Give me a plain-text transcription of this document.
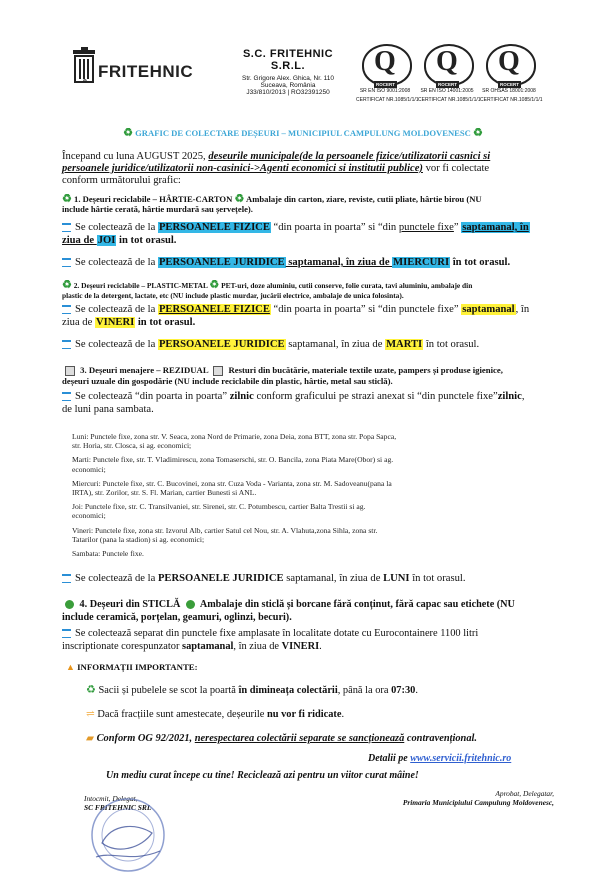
e
FRITEHNIC
S.C. FRITEHNIC S.R.L.
Str. Grigore Alex. Ghica, Nr. 110
Suceava, România
J33/810/2013 | RO32391250
Q
ROCERT
SR EN ISO 9001:2008
CERTIFICAT NR.1085/1/1/1
Q
ROCERT
SR EN ISO 14001:2005
CERTIFICAT NR.1085/1/1/1
Q
ROCERT
SR OHSAS 18001:2008
CERTIFICAT NR.1085/1/1/1
♻ GRAFIC DE COLECTARE DEȘEURI – MUNICIPIUL CAMPULUNG MOLDOVENESC ♻
Începand cu luna AUGUST 2025, deseurile municipale(de la persoanele fizice/utilizatorii casnici si
persoanele juridice/utilizatorii non-casinici->Agenti economici si institutii publice) vor fi colectate
conform următorului grafic:
♻ 1. Deșeuri reciclabile – HÂRTIE-CARTON ♻ Ambalaje din carton, ziare, reviste, cutii pliate, hârtie birou (NU
include hârtie cerată, hârtie murdară sau șervețele).
Se colectează de la PERSOANELE FIZICE “din poarta in poarta” si “din punctele fixe” saptamanal, în
ziua de JOI in tot orasul.
Se colectează de la PERSOANELE JURIDICE saptamanal, în ziua de MIERCURI în tot orasul.
♻ 2. Deșeuri reciclabile – PLASTIC-METAL ♻ PET-uri, doze aluminiu, cutii conserve, folie curata, tavi aluminiu, ambalaje din
plastic de la detergent, lactate, etc (NU include plastic murdar, jucării electrice, ambalaje de unica folosinta).
Se colectează de la PERSOANELE FIZICE “din poarta in poarta” si “din punctele fixe” saptamanal, în
ziua de VINERI in tot orasul.
Se colectează de la PERSOANELE JURIDICE saptamanal, în ziua de MARTI în tot orasul.
3. Deșeuri menajere – REZIDUAL  Resturi din bucătărie, materiale textile uzate, pampers și produse igienice,
deșeuri uzuale din gospodărie (NU include reciclabile din plastic, hârtie, metal sau sticlă).
Se colectează “din poarta in poarta” zilnic conform graficului pe strazi anexat si “din punctele fixe”zilnic,
de luni pana sambata.
Luni: Punctele fixe, zona str. V. Seaca, zona Nord de Primarie, zona Deia, zona BTT, zona str. Popa Sapca,
str. Horia, str. Closca, si ag. economici;
Marti: Punctele fixe, str. T. Vladimirescu, zona Tomaserschi, str. O. Bancila, zona Piata Mare(Obor) si ag.
economici;
Miercuri: Punctele fixe, str. C. Bucovinei, zona str. Cuza Voda - Varianta, zona str. M. Sadoveanu(pana la
IRTA), str. Zorilor, str. S. Fl. Marian, cartier Bunesti si ANL.
Joi: Punctele fixe, str. C. Transilvaniei, str. Sirenei, str. C. Potumbescu, cartier Balta Trestii si ag.
economici;
Vineri: Punctele fixe, zona str. Izvorul Alb, cartier Satul cel Nou, str. A. Vlahuta,zona Sihla, zona str.
Tatarilor (pana la stadion) si ag. economici;
Sambata: Punctele fixe.
Se colectează de la PERSOANELE JURIDICE saptamanal, în ziua de LUNI în tot orasul.
4. Deșeuri din STICLĂ  Ambalaje din sticlă și borcane fără conținut, fără capac sau etichete (NU
include ceramică, porțelan, geamuri, oglinzi, becuri).
Se colectează separat din punctele fixe amplasate în localitate dotate cu Eurocontainere 1100 litri
inscriptionate corespunzator saptamanal, în ziua de VINERI.
▲ INFORMAȚII IMPORTANTE:
♻ Sacii și pubelele se scot la poartă în dimineața colectării, până la ora 07:30.
⇌ Dacă fracțiile sunt amestecate, deșeurile nu vor fi ridicate.
▰ Conform OG 92/2021, nerespectarea colectării separate se sancționează contravențional.
Detalii pe www.servicii.fritehnic.ro
Un mediu curat începe cu tine! Reciclează azi pentru un viitor curat mâine!
Intocmit, Delegat,
SC FRITEHNIC SRL
Aprobat, Delegatar,
Primaria Municipiului Campulung Moldovenesc,
